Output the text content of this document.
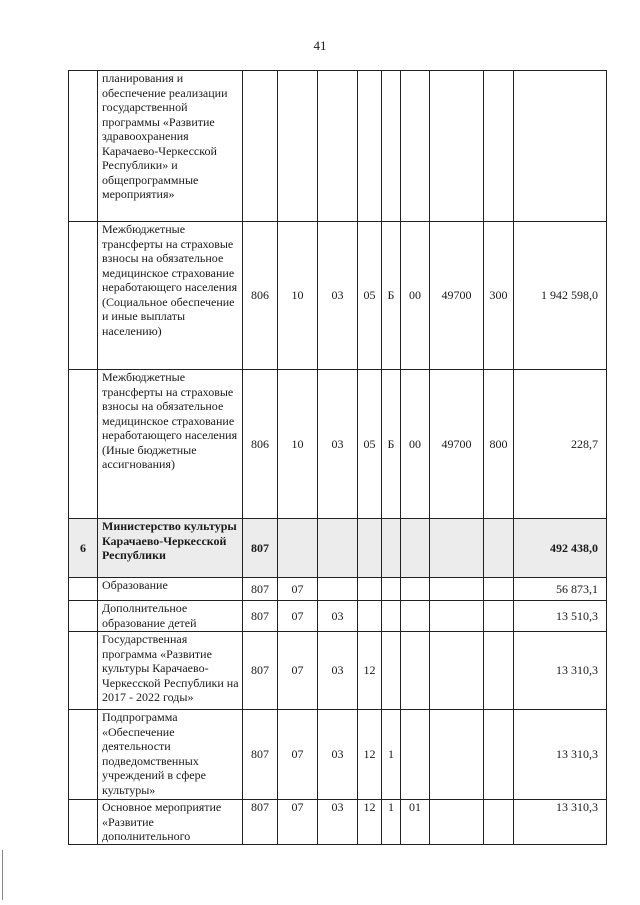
41
	планирования и обеспечение реализации государственной программы «Развитие здравоохранения Карачаево-Черкесской Республики» и общепрограммные мероприятия»									
	Межбюджетные трансферты на страховые взносы на обязательное медицинское страхование неработающего населения (Социальное обеспечение и иные выплаты населению)	806	10	03	05	Б	00	49700	300	1 942 598,0
	Межбюджетные трансферты на страховые взносы на обязательное медицинское страхование неработающего населения (Иные бюджетные ассигнования)	806	10	03	05	Б	00	49700	800	228,7
6	Министерство культуры Карачаево-Черкесской Республики	807								492 438,0
	Образование	807	07							56 873,1
	Дополнительное образование детей	807	07	03						13 510,3
	Государственная программа «Развитие культуры Карачаево-Черкесской Республики на 2017 - 2022 годы»	807	07	03	12					13 310,3
	Подпрограмма «Обеспечение деятельности подведомственных учреждений в сфере культуры»	807	07	03	12	1				13 310,3
	Основное мероприятие «Развитие дополнительного	807	07	03	12	1	01			13 310,3
